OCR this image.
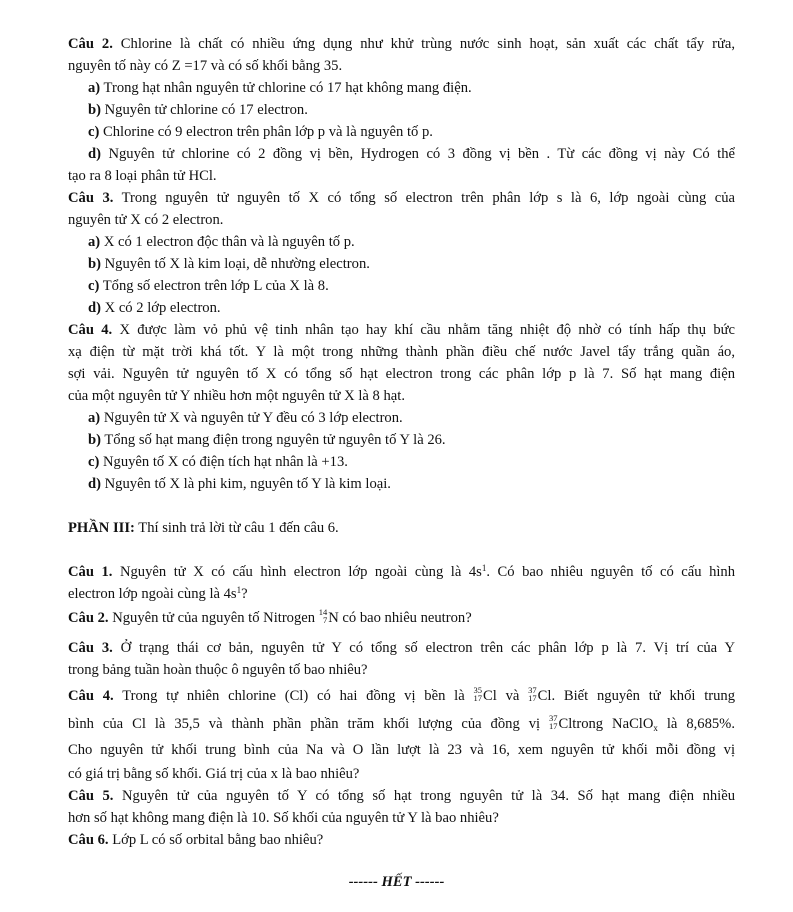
Câu 2. Chlorine là chất có nhiều ứng dụng như khử trùng nước sinh hoạt, sản xuất các chất tẩy rửa,
nguyên tố này có Z =17 và có số khối bằng 35.
a) Trong hạt nhân nguyên tử chlorine có 17 hạt không mang điện.
b) Nguyên tử chlorine có 17 electron.
c) Chlorine có 9 electron trên phân lớp p và là nguyên tố p.
d) Nguyên tử chlorine có 2 đồng vị bền, Hydrogen có 3 đồng vị bền . Từ các đồng vị này Có thể
tạo ra 8 loại phân tử HCl.
Câu 3. Trong nguyên tử nguyên tố X có tổng số electron trên phân lớp s là 6, lớp ngoài cùng của
nguyên tử X có 2 electron.
a) X có 1 electron độc thân và là nguyên tố p.
b) Nguyên tố X là kim loại, dễ nhường electron.
c) Tổng số electron trên lớp L của X là 8.
d) X có 2 lớp electron.
Câu 4. X được làm vỏ phủ vệ tinh nhân tạo hay khí cầu nhằm tăng nhiệt độ nhờ có tính hấp thụ bức
xạ điện từ mặt trời khá tốt. Y là một trong những thành phần điều chế nước Javel tẩy trắng quần áo,
sợi vải. Nguyên tử nguyên tố X có tổng số hạt electron trong các phân lớp p là 7. Số hạt mang điện
của một nguyên tử Y nhiều hơn một nguyên tử X là 8 hạt.
a) Nguyên tử X và nguyên tử Y đều có 3 lớp electron.
b) Tổng số hạt mang điện trong nguyên tử nguyên tố Y là 26.
c) Nguyên tố X có điện tích hạt nhân là +13.
d) Nguyên tố X là phi kim, nguyên tố Y là kim loại.
PHẦN III: Thí sinh trả lời từ câu 1 đến câu 6.
Câu 1. Nguyên tử X có cấu hình electron lớp ngoài cùng là $4s^1$. Có bao nhiêu nguyên tố có cấu hình
electron lớp ngoài cùng là $4s^1$?
Câu 2. Nguyên tử của nguyên tố Nitrogen 14
7 N có bao nhiêu neutron?
Câu 3. Ở trạng thái cơ bản, nguyên tử Y có tổng số electron trên các phân lớp p là 7. Vị trí của Y
trong bảng tuần hoàn thuộc ô nguyên tố bao nhiêu?
Câu 4. Trong tự nhiên chlorine (Cl) có hai đồng vị bền là 35
17 Cl và 37
17 Cl. Biết nguyên tử khối trung
bình của Cl là 35,5 và thành phần phần trăm khối lượng của đồng vị 37
17 Cltrong NaClO$_x$ là 8,685%.
Cho nguyên tử khối trung bình của Na và O lần lượt là 23 và 16, xem nguyên tử khối mỗi đồng vị
có giá trị bằng số khối. Giá trị của x là bao nhiêu?
Câu 5. Nguyên tử của nguyên tố Y có tổng số hạt trong nguyên tử là 34. Số hạt mang điện nhiều
hơn số hạt không mang điện là 10. Số khối của nguyên tử Y là bao nhiêu?
Câu 6. Lớp L có số orbital bằng bao nhiêu?
------ HẾT ------
